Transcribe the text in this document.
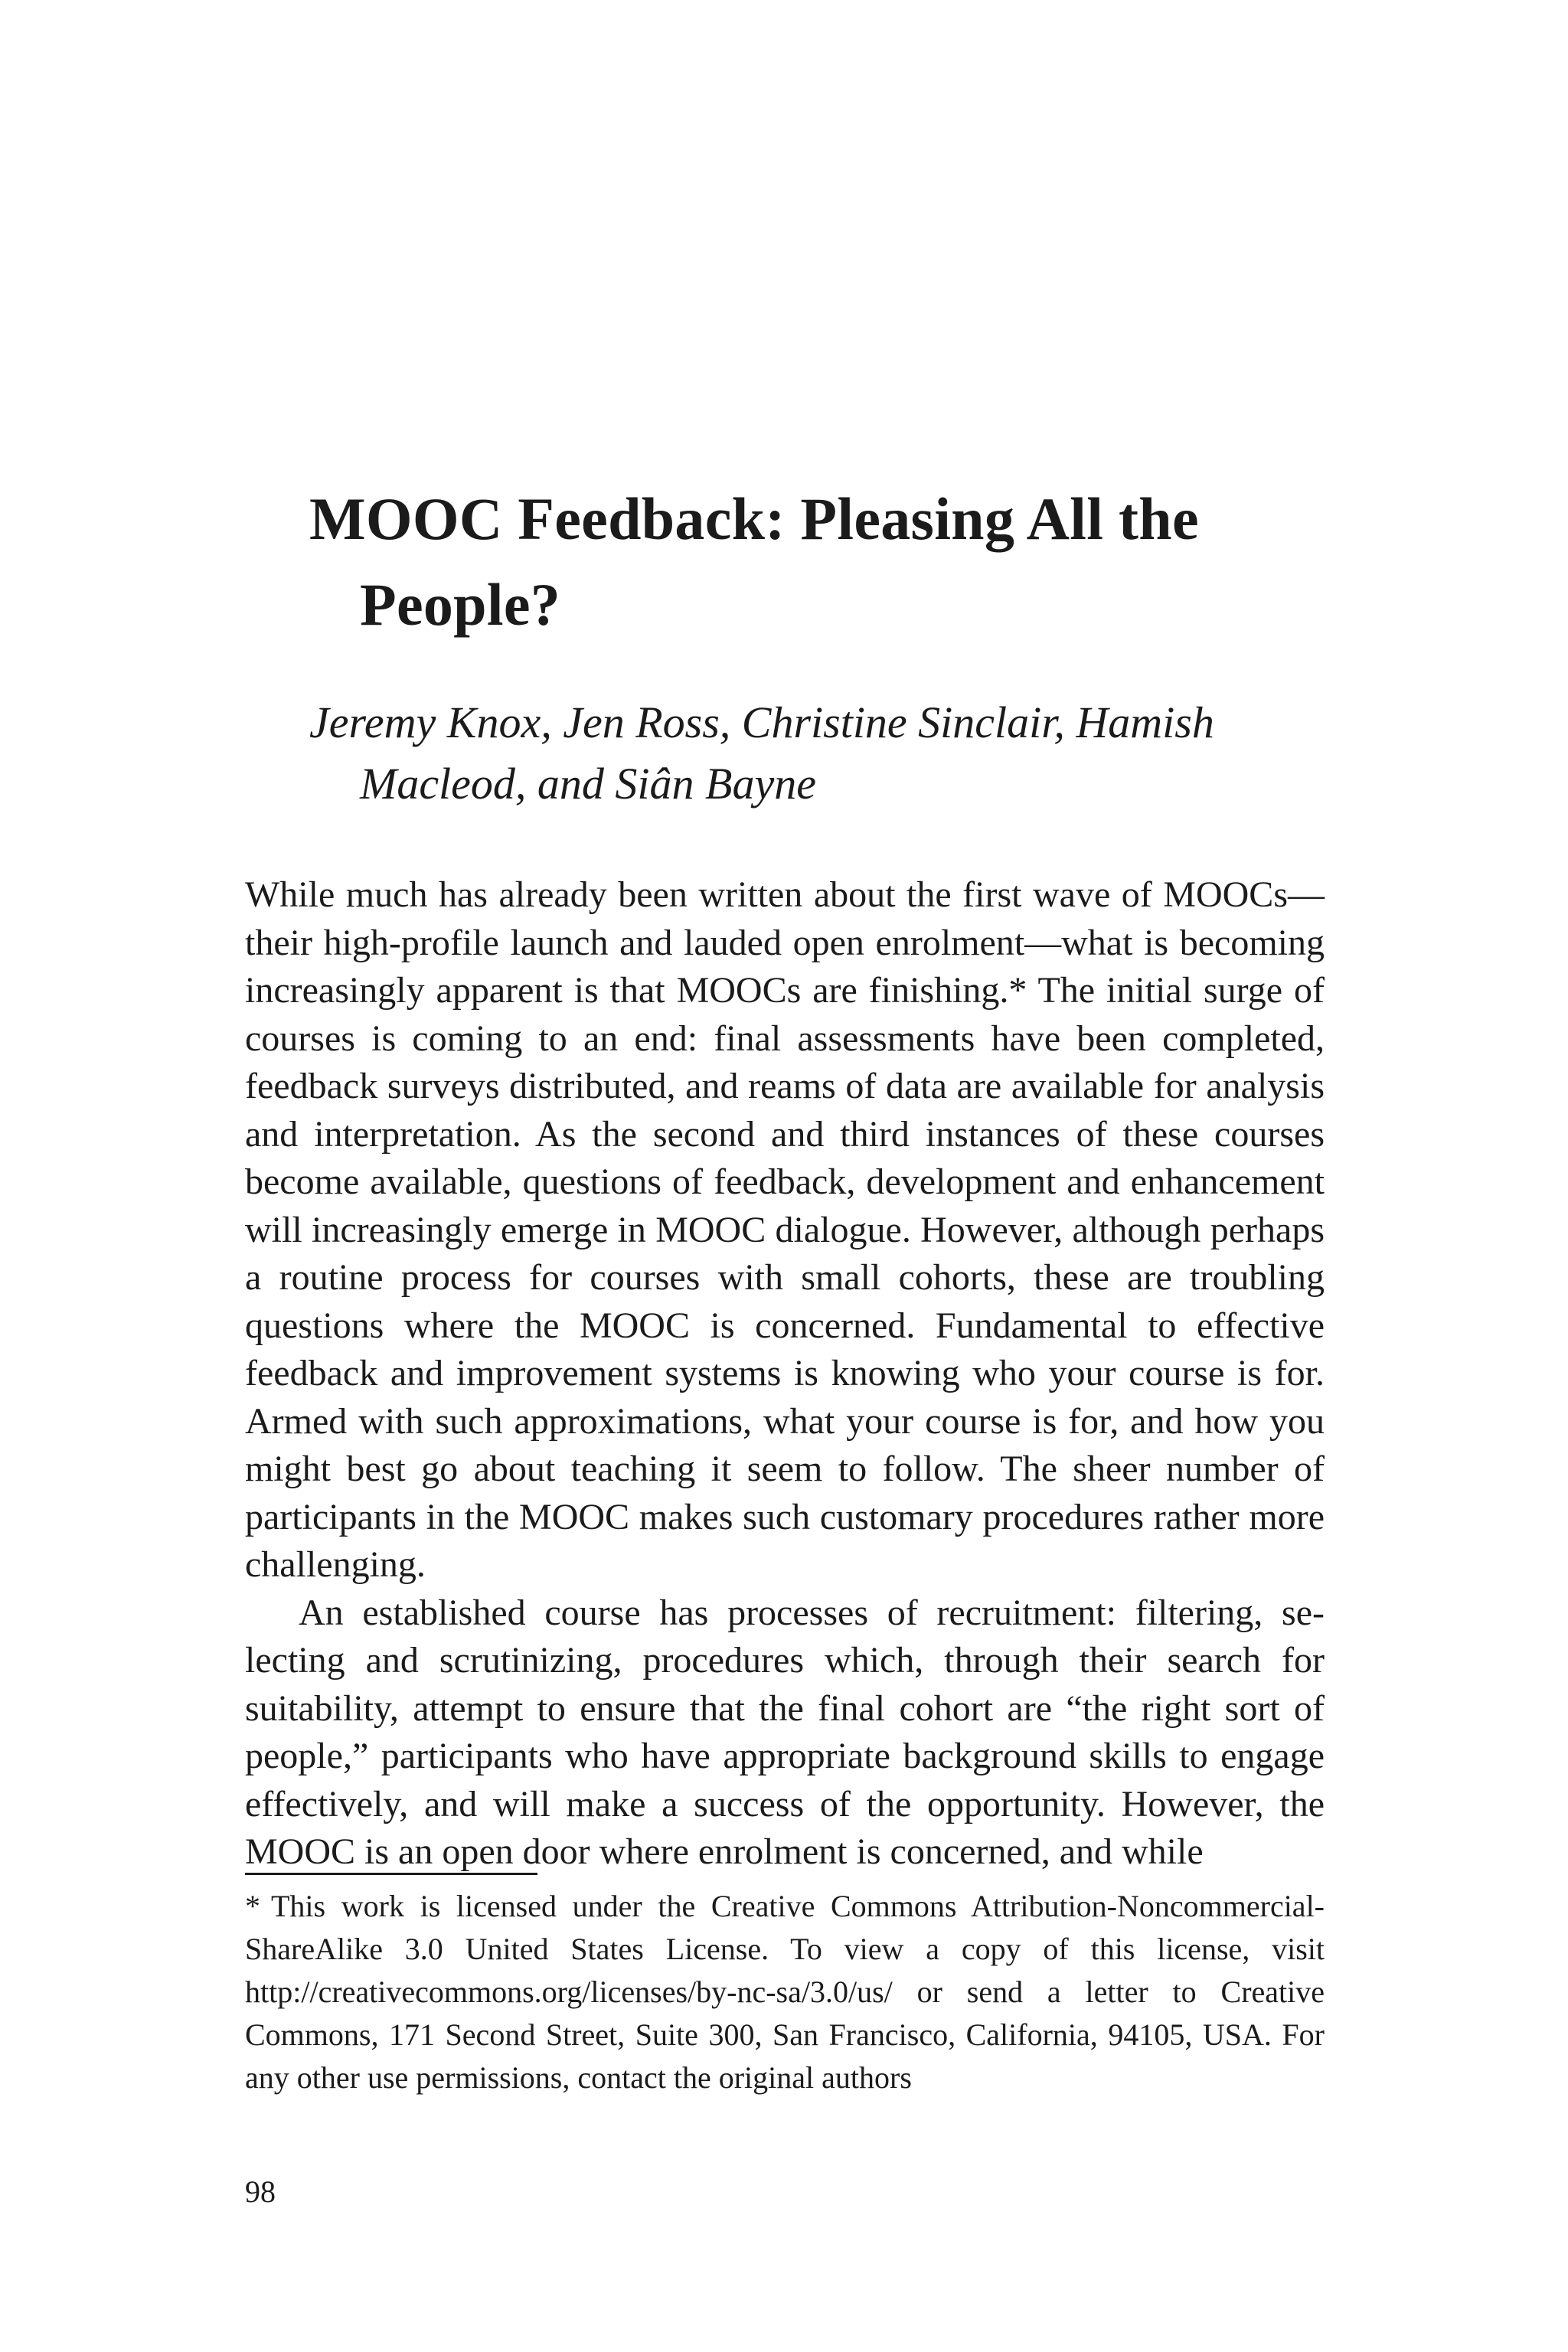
MOOC Feedback: Pleasing All the People?

Jeremy Knox, Jen Ross, Christine Sinclair, Hamish Macleod, and Siân Bayne

While much has already been written about the first wave of MOOCs—their high-profile launch and lauded open enrolment—what is becoming increasingly apparent is that MOOCs are finishing.* The initial surge of courses is coming to an end: final assessments have been completed, feedback surveys distributed, and reams of data are available for analysis and interpretation. As the second and third instances of these courses become available, questions of feedback, development and enhancement will increasingly emerge in MOOC dialogue. However, although perhaps a routine process for courses with small cohorts, these are troubling questions where the MOOC is concerned. Fundamental to effective feedback and improvement systems is knowing who your course is for. Armed with such approximations, what your course is for, and how you might best go about teaching it seem to follow. The sheer number of participants in the MOOC makes such customary procedures rather more challenging.

An established course has processes of recruitment: filtering, selecting and scrutinizing, procedures which, through their search for suitability, attempt to ensure that the final cohort are “the right sort of people,” participants who have appropriate background skills to engage effectively, and will make a success of the opportunity. However, the MOOC is an open door where enrolment is concerned, and while

* This work is licensed under the Creative Commons Attribution-Noncommercial-ShareAlike 3.0 United States License. To view a copy of this license, visit http://creativecommons.org/licenses/by-nc-sa/3.0/us/ or send a letter to Creative Commons, 171 Second Street, Suite 300, San Francisco, California, 94105, USA. For any other use permissions, contact the original authors

98
